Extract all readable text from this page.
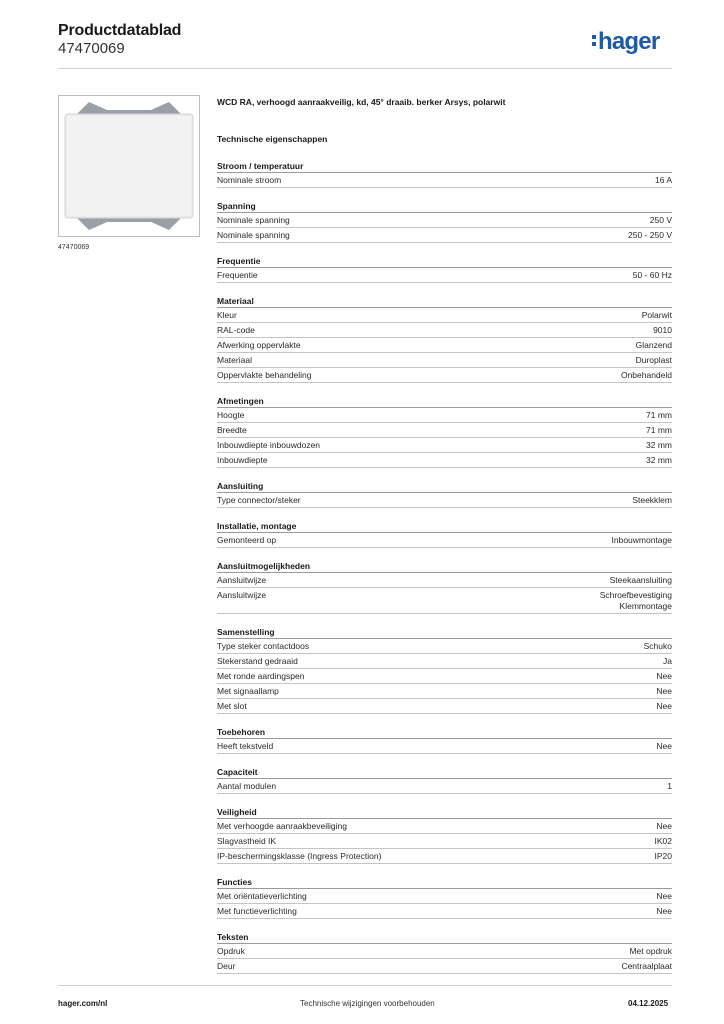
Productdatablad
47470069	hager
47470069
WCD RA, verhoogd aanraakveilig, kd, 45° draaib. berker Arsys, polarwit
Technische eigenschappen
Stroom / temperatuur
Nominale stroom	16 A
Spanning
Nominale spanning	250 V
Nominale spanning	250 - 250 V
Frequentie
Frequentie	50 - 60 Hz
Materiaal
Kleur	Polarwit
RAL-code	9010
Afwerking oppervlakte	Glanzend
Materiaal	Duroplast
Oppervlakte behandeling	Onbehandeld
Afmetingen
Hoogte	71 mm
Breedte	71 mm
Inbouwdiepte inbouwdozen	32 mm
Inbouwdiepte	32 mm
Aansluiting
Type connector/steker	Steekklem
Installatie, montage
Gemonteerd op	Inbouwmontage
Aansluitmogelijkheden
Aansluitwijze	Steekaansluiting
Aansluitwijze	Schroefbevestiging
Klemmontage
Samenstelling
Type steker contactdoos	Schuko
Stekerstand gedraaid	Ja
Met ronde aardingspen	Nee
Met signaallamp	Nee
Met slot	Nee
Toebehoren
Heeft tekstveld	Nee
Capaciteit
Aantal modulen	1
Veiligheid
Met verhoogde aanraakbeveiliging	Nee
Slagvastheid IK	IK02
IP-beschermingsklasse (Ingress Protection)	IP20
Functies
Met oriëntatieverlichting	Nee
Met functieverlichting	Nee
Teksten
Opdruk	Met opdruk
Deur	Centraalplaat
hager.com/nl	Technische wijzigingen voorbehouden	04.12.2025
